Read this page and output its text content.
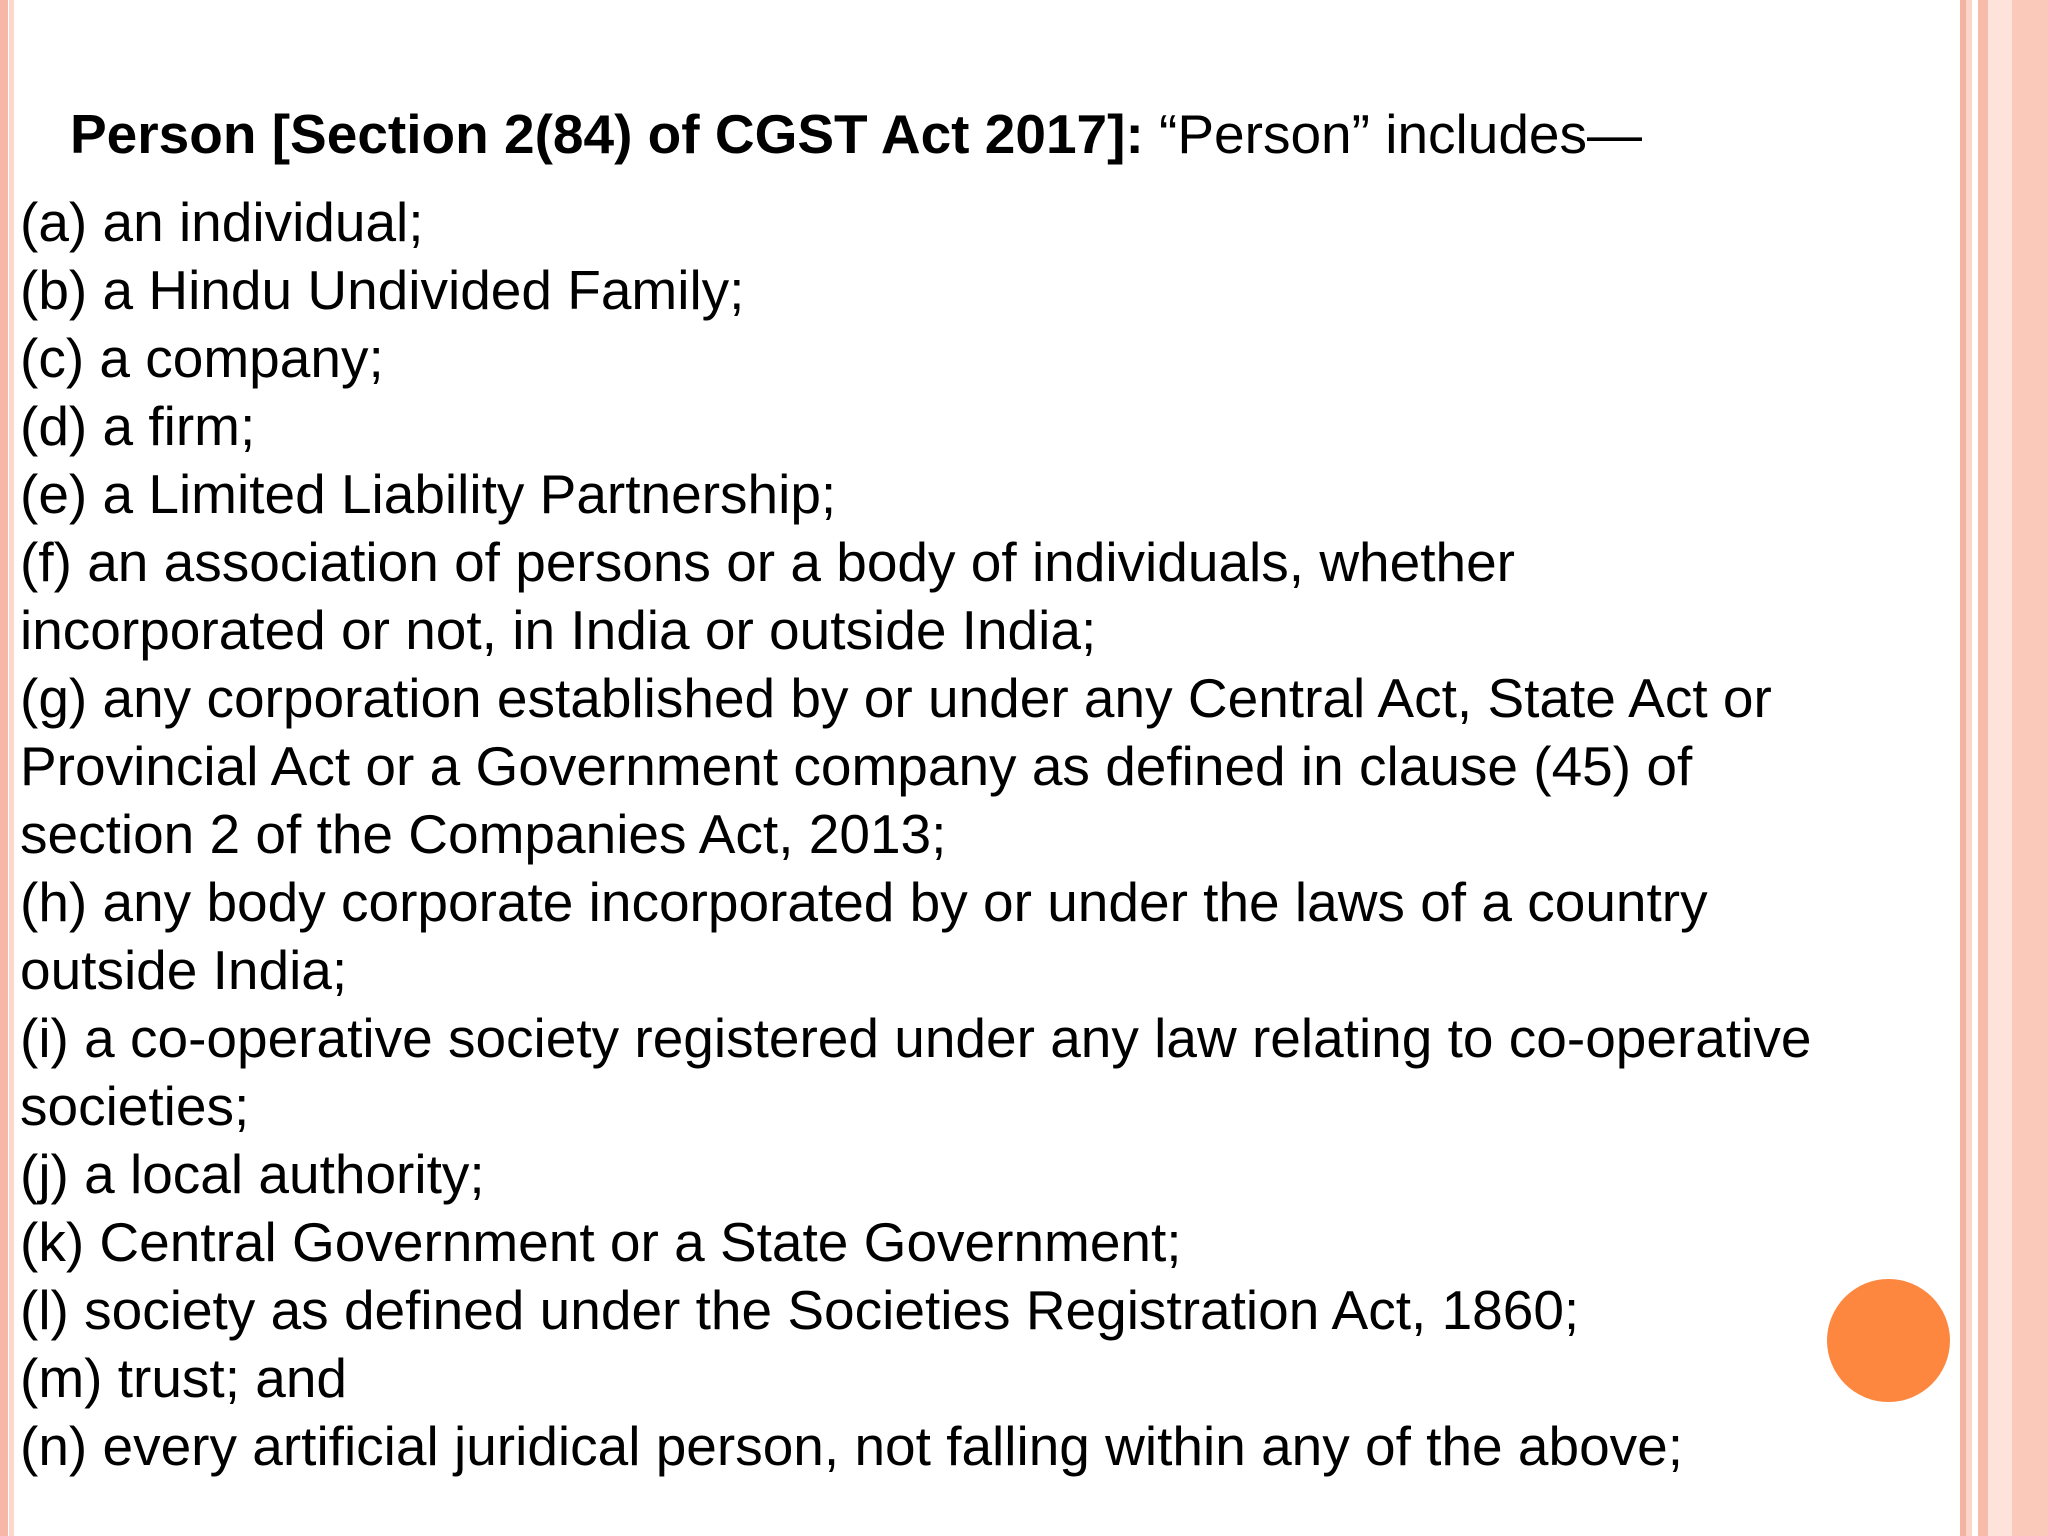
Person [Section 2(84) of CGST Act 2017]: “Person” includes—
(a) an individual;
(b) a Hindu Undivided Family;
(c) a company;
(d) a firm;
(e) a Limited Liability Partnership;
(f) an association of persons or a body of individuals, whether
incorporated or not, in India or outside India;
(g) any corporation established by or under any Central Act, State Act or
Provincial Act or a Government company as defined in clause (45) of
section 2 of the Companies Act, 2013;
(h) any body corporate incorporated by or under the laws of a country
outside India;
(i) a co-operative society registered under any law relating to co-operative
societies;
(j) a local authority;
(k) Central Government or a State Government;
(l) society as defined under the Societies Registration Act, 1860;
(m) trust; and
(n) every artificial juridical person, not falling within any of the above;
